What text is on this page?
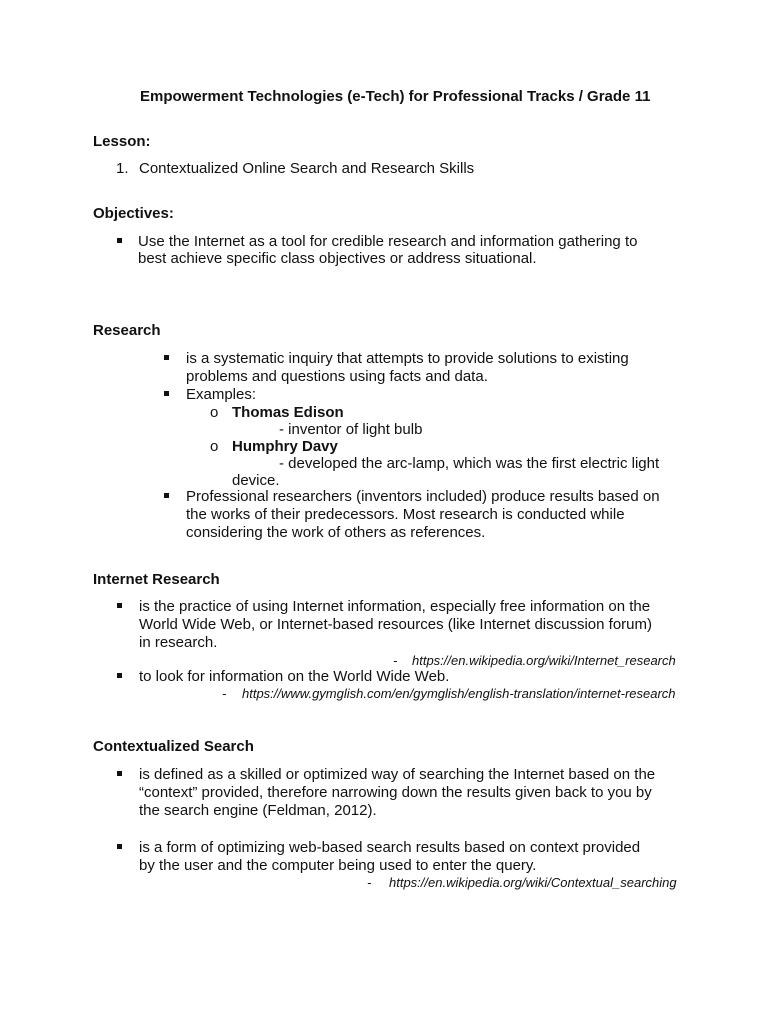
Empowerment Technologies (e-Tech) for Professional Tracks / Grade 11
Lesson:
1. Contextualized Online Search and Research Skills
Objectives:
Use the Internet as a tool for credible research and information gathering to
best achieve specific class objectives or address situational.
Research
is a systematic inquiry that attempts to provide solutions to existing
problems and questions using facts and data.
Examples:
o Thomas Edison
- inventor of light bulb
o Humphry Davy
- developed the arc-lamp, which was the first electric light
device.
Professional researchers (inventors included) produce results based on
the works of their predecessors. Most research is conducted while
considering the work of others as references.
Internet Research
is the practice of using Internet information, especially free information on the
World Wide Web, or Internet-based resources (like Internet discussion forum)
in research.
- https://en.wikipedia.org/wiki/Internet_research
to look for information on the World Wide Web.
- https://www.gymglish.com/en/gymglish/english-translation/internet-research
Contextualized Search
is defined as a skilled or optimized way of searching the Internet based on the
“context” provided, therefore narrowing down the results given back to you by
the search engine (Feldman, 2012).
is a form of optimizing web-based search results based on context provided
by the user and the computer being used to enter the query.
- https://en.wikipedia.org/wiki/Contextual_searching
